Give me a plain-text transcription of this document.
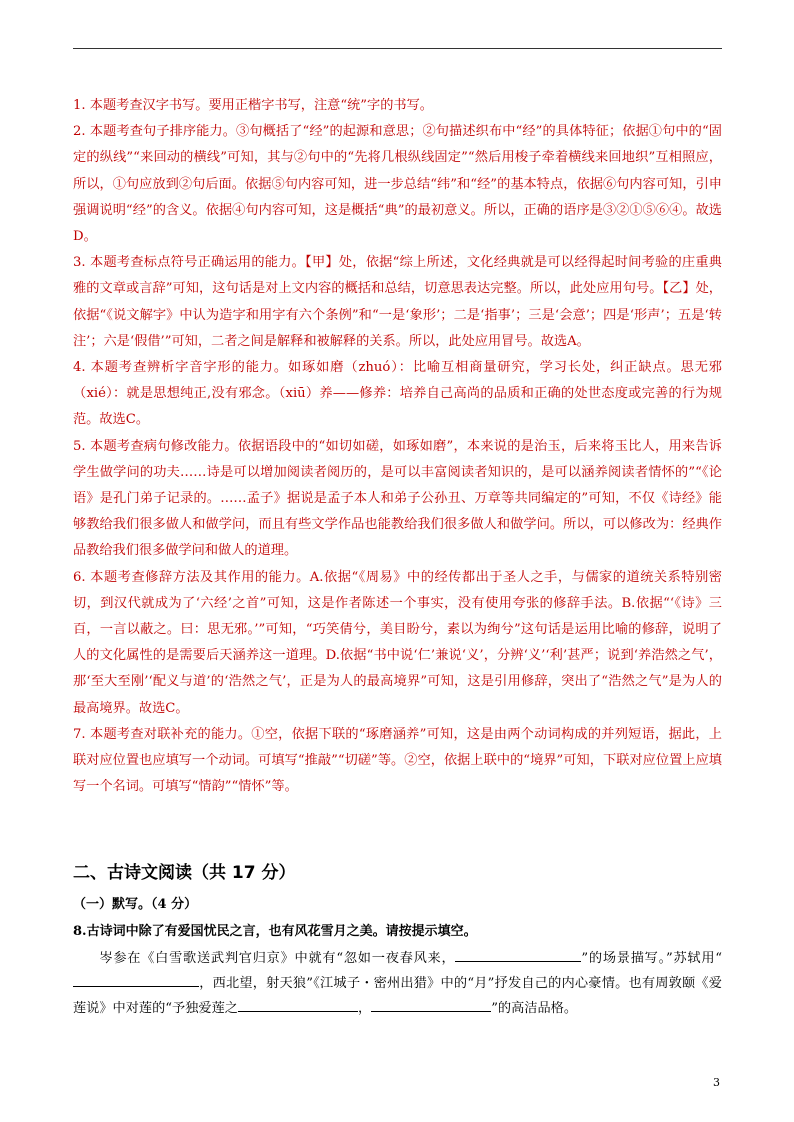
1. 本题考查汉字书写。要用正楷字书写，注意“统”字的书写。

2. 本题考查句子排序能力。③句概括了“经”的起源和意思；②句描述织布中“经”的具体特征；依据①句中的“固定的纵线”“来回动的横线”可知，其与②句中的“先将几根纵线固定”“然后用梭子牵着横线来回地织”互相照应，所以，①句应放到②句后面。依据⑤句内容可知，进一步总结“纬”和“经”的基本特点，依据⑥句内容可知，引申强调说明“经”的含义。依据④句内容可知，这是概括“典”的最初意义。所以，正确的语序是③②①⑤⑥④。故选D。

3. 本题考查标点符号正确运用的能力。【甲】处，依据“综上所述，文化经典就是可以经得起时间考验的庄重典雅的文章或言辞”可知，这句话是对上文内容的概括和总结，切意思表达完整。所以，此处应用句号。【乙】处，依据“《说文解字》中认为造字和用字有六个条例”和“一是‘象形’；二是‘指事’；三是‘会意’；四是‘形声’；五是‘转注’；六是‘假借’”可知，二者之间是解释和被解释的关系。所以，此处应用冒号。故选A。

4. 本题考查辨析字音字形的能力。如琢如磨（zhuó）：比喻互相商量研究，学习长处，纠正缺点。思无邪（xié）：就是思想纯正,没有邪念。（xiū）养——修养：培养自己高尚的品质和正确的处世态度或完善的行为规范。故选C。

5. 本题考查病句修改能力。依据语段中的“如切如磋，如琢如磨”，本来说的是治玉，后来将玉比人，用来告诉学生做学问的功夫……诗是可以增加阅读者阅历的，是可以丰富阅读者知识的，是可以涵养阅读者情怀的”“《论语》是孔门弟子记录的。……孟子》据说是孟子本人和弟子公孙丑、万章等共同编定的”可知，不仅《诗经》能够教给我们很多做人和做学问，而且有些文学作品也能教给我们很多做人和做学问。所以，可以修改为：经典作品教给我们很多做学问和做人的道理。

6. 本题考查修辞方法及其作用的能力。A.依据“《周易》中的经传都出于圣人之手，与儒家的道统关系特别密切，到汉代就成为了‘六经’之首”可知，这是作者陈述一个事实，没有使用夸张的修辞手法。B.依据“‘《诗》三百，一言以蔽之。曰：思无邪。’”可知，“巧笑倩兮，美目盼兮，素以为绚兮”这句话是运用比喻的修辞，说明了人的文化属性的是需要后天涵养这一道理。D.依据“书中说‘仁’兼说‘义’，分辨‘义’‘利’甚严；说到‘养浩然之气’，那‘至大至刚’‘配义与道’的‘浩然之气’，正是为人的最高境界”可知，这是引用修辞，突出了“浩然之气”是为人的最高境界。故选C。

7. 本题考查对联补充的能力。①空，依据下联的“琢磨涵养”可知，这是由两个动词构成的并列短语，据此，上联对应位置也应填写一个动词。可填写“推敲”“切磋”等。②空，依据上联中的“境界”可知，下联对应位置上应填写一个名词。可填写“情韵”“情怀”等。

二、古诗文阅读（共 17 分）
（一）默写。（4 分）
8.古诗词中除了有爱国忧民之言，也有风花雪月之美。请按提示填空。

岑参在《白雪歌送武判官归京》中就有“忽如一夜春风来，	”的场景描写。”苏轼用“，西北望，射天狼”《江城子・密州出猎》中的“月”抒发自己的内心豪情。也有周敦颐《爱莲说》中对莲的“予独爱莲之	，	”的高洁品格。

3
